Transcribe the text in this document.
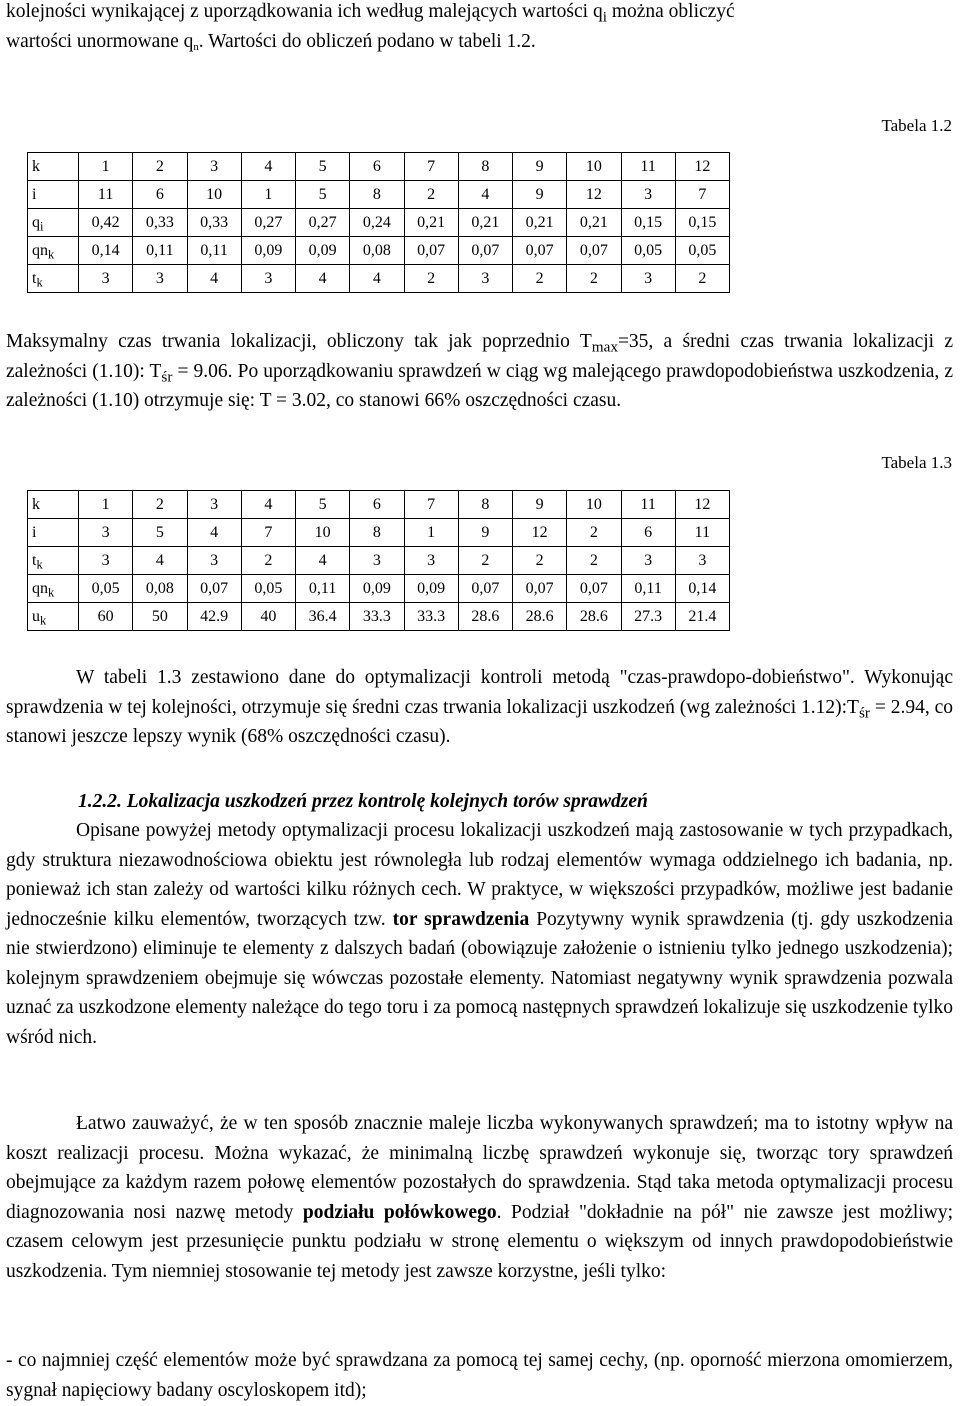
kolejności wynikającej z uporządkowania ich według malejących wartości $q_i$ można obliczyć

wartości unormowane qn. Wartości do obliczeń podano w tabeli 1.2.

Tabela 1.2
k	1	2	3	4	5	6	7	8	9	10	11	12
i	11	6	10	1	5	8	2	4	9	12	3	7
$q_i$	0,42	0,33	0,33	0,27	0,27	0,24	0,21	0,21	0,21	0,21	0,15	0,15
$qn_k$	0,14	0,11	0,11	0,09	0,09	0,08	0,07	0,07	0,07	0,07	0,05	0,05
$t_k$	3	3	4	3	4	4	2	3	2	2	3	2

Maksymalny czas trwania lokalizacji, obliczony tak jak poprzednio $T_{max}=35$, a średni czas trwania lokalizacji z zależności (1.10): $T_{śr} = 9.06$. Po uporządkowaniu sprawdzeń w ciąg wg malejącego prawdopodobieństwa uszkodzenia, z zależności (1.10) otrzymuje się: T = 3.02, co stanowi 66% oszczędności czasu.

Tabela 1.3
k	1	2	3	4	5	6	7	8	9	10	11	12
i	3	5	4	7	10	8	1	9	12	2	6	11
$t_k$	3	4	3	2	4	3	3	2	2	2	3	3
$qn_k$	0,05	0,08	0,07	0,05	0,11	0,09	0,09	0,07	0,07	0,07	0,11	0,14
$u_k$	60	50	42.9	40	36.4	33.3	33.3	28.6	28.6	28.6	27.3	21.4

W tabeli 1.3 zestawiono dane do optymalizacji kontroli metodą "czas-prawdopo-dobieństwo". Wykonując sprawdzenia w tej kolejności, otrzymuje się średni czas trwania lokalizacji uszkodzeń (wg zależności $1.12):T_{śr} = 2.94$, co stanowi jeszcze lepszy wynik (68% oszczędności czasu).

1.2.2. Lokalizacja uszkodzeń przez kontrolę kolejnych torów sprawdzeń

Opisane powyżej metody optymalizacji procesu lokalizacji uszkodzeń mają zastosowanie w tych przypadkach, gdy struktura niezawodnościowa obiektu jest równoległa lub rodzaj elementów wymaga oddzielnego ich badania, np. ponieważ ich stan zależy od wartości kilku różnych cech. W praktyce, w większości przypadków, możliwe jest badanie jednocześnie kilku elementów, tworzących tzw. tor sprawdzenia Pozytywny wynik sprawdzenia (tj. gdy uszkodzenia nie stwierdzono) eliminuje te elementy z dalszych badań (obowiązuje założenie o istnieniu tylko jednego uszkodzenia); kolejnym sprawdzeniem obejmuje się wówczas pozostałe elementy. Natomiast negatywny wynik sprawdzenia pozwala uznać za uszkodzone elementy należące do tego toru i za pomocą następnych sprawdzeń lokalizuje się uszkodzenie tylko wśród nich.

Łatwo zauważyć, że w ten sposób znacznie maleje liczba wykonywanych sprawdzeń; ma to istotny wpływ na koszt realizacji procesu. Można wykazać, że minimalną liczbę sprawdzeń wykonuje się, tworząc tory sprawdzeń obejmujące za każdym razem połowę elementów pozostałych do sprawdzenia. Stąd taka metoda optymalizacji procesu diagnozowania nosi nazwę metody podziału połówkowego. Podział "dokładnie na pół" nie zawsze jest możliwy; czasem celowym jest przesunięcie punktu podziału w stronę elementu o większym od innych prawdopodobieństwie uszkodzenia. Tym niemniej stosowanie tej metody jest zawsze korzystne, jeśli tylko:

- co najmniej część elementów może być sprawdzana za pomocą tej samej cechy, (np. oporność mierzona omomierzem, sygnał napięciowy badany oscyloskopem itd);
